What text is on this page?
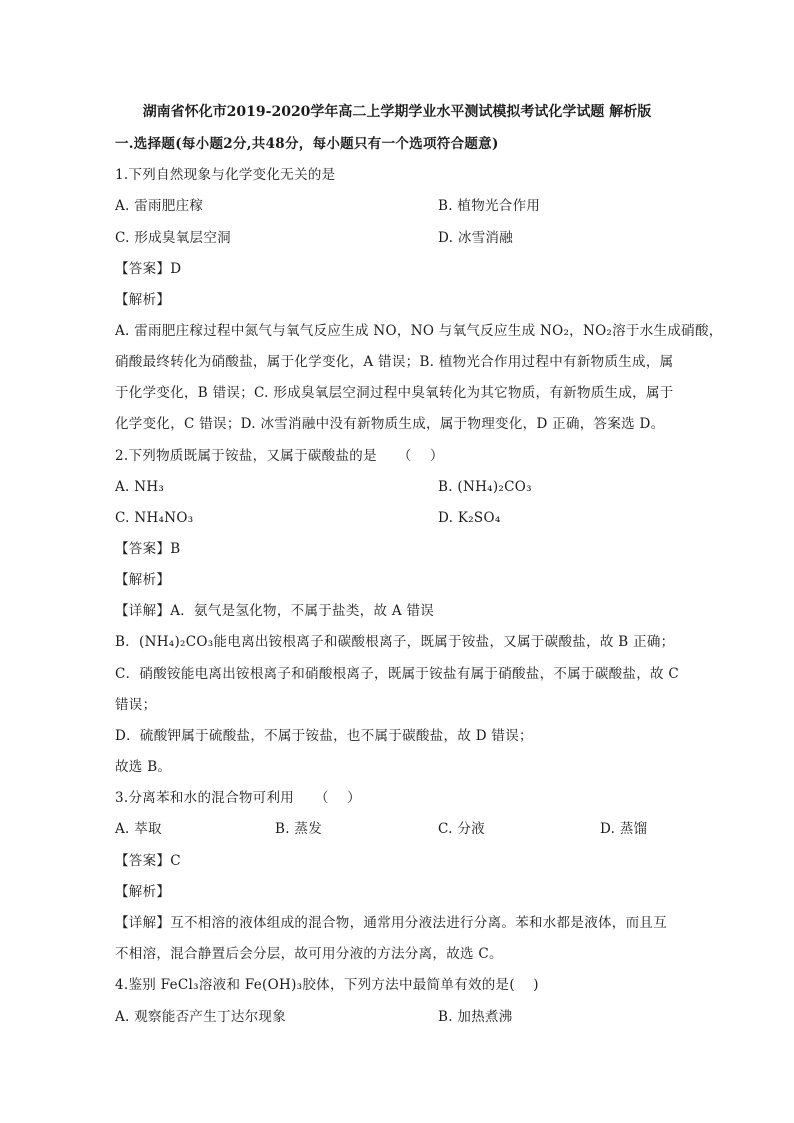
湖南省怀化市2019-2020学年高二上学期学业水平测试模拟考试化学试题 解析版
一.选择题(每小题2分,共48分，每小题只有一个选项符合题意)
1.下列自然现象与化学变化无关的是
A. 雷雨肥庄稼	B. 植物光合作用
C. 形成臭氧层空洞	D. 冰雪消融
【答案】D
【解析】
A. 雷雨肥庄稼过程中氮气与氧气反应生成 NO，NO 与氧气反应生成 NO₂，NO₂溶于水生成硝酸，
硝酸最终转化为硝酸盐，属于化学变化，A 错误；B. 植物光合作用过程中有新物质生成，属
于化学变化，B 错误；C. 形成臭氧层空洞过程中臭氧转化为其它物质，有新物质生成，属于
化学变化，C 错误；D. 冰雪消融中没有新物质生成，属于物理变化，D 正确，答案选 D。
2.下列物质既属于铵盐，又属于碳酸盐的是　　（　 ）
A. NH₃	B. (NH₄)₂CO₃
C. NH₄NO₃	D. K₂SO₄
【答案】B
【解析】
【详解】A．氨气是氢化物，不属于盐类，故 A 错误
B．(NH₄)₂CO₃能电离出铵根离子和碳酸根离子，既属于铵盐，又属于碳酸盐，故 B 正确；
C．硝酸铵能电离出铵根离子和硝酸根离子，既属于铵盐有属于硝酸盐，不属于碳酸盐，故 C
错误；
D．硫酸钾属于硫酸盐，不属于铵盐，也不属于碳酸盐，故 D 错误；
故选 B。
3.分离苯和水的混合物可利用　　（　 ）
A. 萃取	B. 蒸发	C. 分液	D. 蒸馏
【答案】C
【解析】
【详解】互不相溶的液体组成的混合物，通常用分液法进行分离。苯和水都是液体，而且互
不相溶，混合静置后会分层，故可用分液的方法分离，故选 C。
4.鉴别 FeCl₃溶液和 Fe(OH)₃胶体，下列方法中最简单有效的是(　 )
A. 观察能否产生丁达尔现象	B. 加热煮沸
